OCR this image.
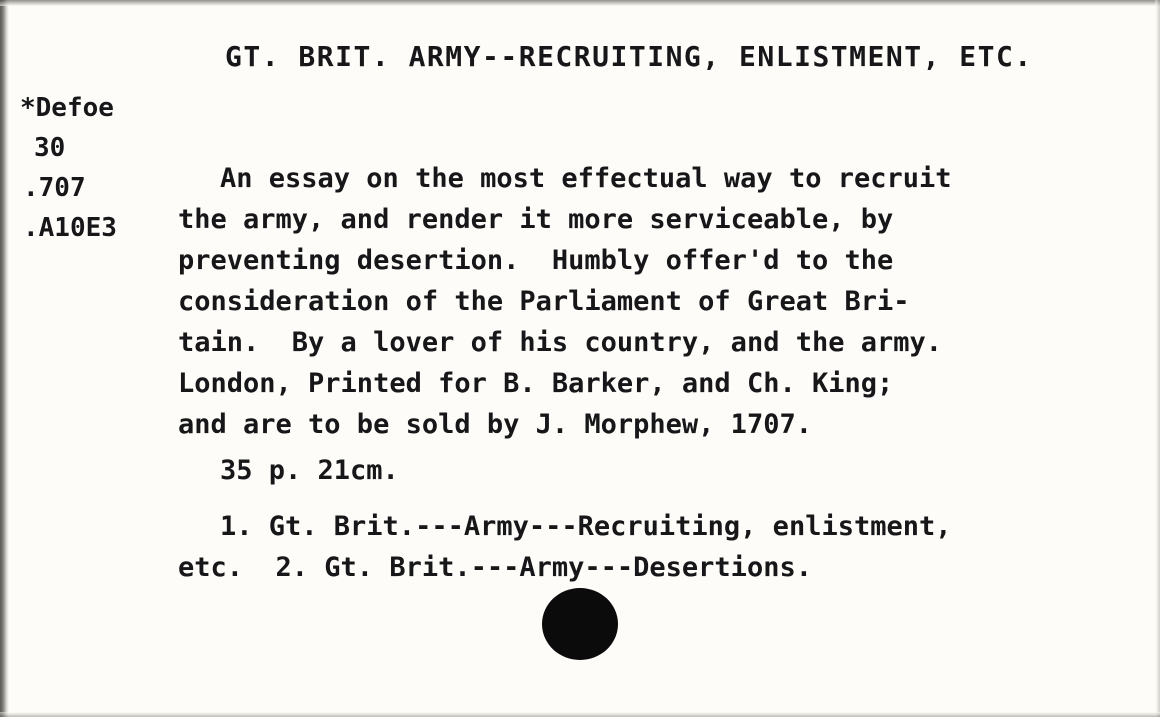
GT. BRIT. ARMY--RECRUITING, ENLISTMENT, ETC.
*Defoe
30
.707
.A10E3

An essay on the most effectual way to recruit

the army, and render it more serviceable, by

preventing desertion.  Humbly offer'd to the

consideration of the Parliament of Great Bri-

tain.  By a lover of his country, and the army.

London, Printed for B. Barker, and Ch. King;

and are to be sold by J. Morphew, 1707.

35 p. 21cm.

1. Gt. Brit.---Army---Recruiting, enlistment,

etc.  2. Gt. Brit.---Army---Desertions.
